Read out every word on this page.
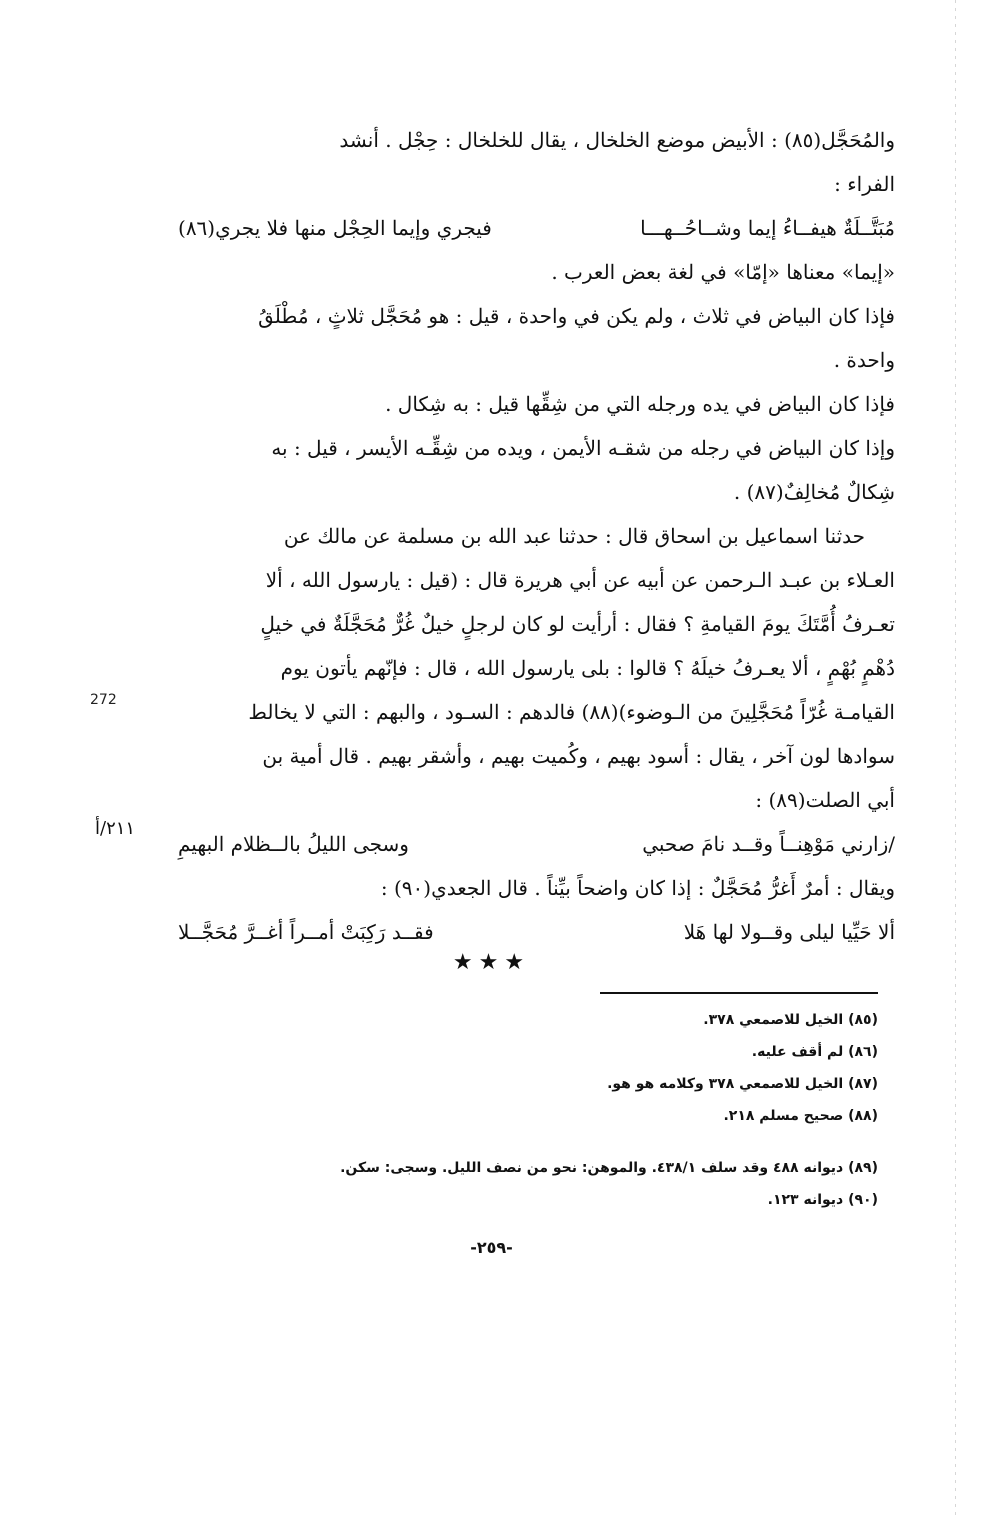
والمُحَجَّل(٨٥) : الأبيض موضع الخلخال ، يقال للخلخال : حِجْل . أنشد
الفراء :
مُبَتَّــلَةٌ هيفــاءُ إيما وشــاحُــهـــا
فيجري وإيما الحِجْل منها فلا يجري(٨٦)
«إيما» معناها «إمّا» في لغة بعض العرب .
فإذا كان البياض في ثلاث ، ولم يكن في واحدة ، قيل : هو مُحَجَّل ثلاثٍ ، مُطْلَقُ
واحدة .
فإذا كان البياض في يده ورجله التي من شِقِّها قيل : به شِكال .
وإذا كان البياض في رجله من شقـه الأيمن ، ويده من شِقِّـه الأيسر ، قيل : به
شِكالٌ مُخالِفٌ(٨٧) .
حدثنا اسماعيل بن اسحاق قال : حدثنا عبد الله بن مسلمة عن مالك عن
العـلاء بن عبـد الـرحمن عن أبيه عن أبي هريرة قال : (قيل : يارسول الله ، ألا
تعـرفُ أُمَّتَكَ يومَ القيامةِ ؟ فقال : أرأيت لو كان لرجلٍ خيلٌ غُرٌّ مُحَجَّلَةٌ في خيلٍ
دُهْمٍ بُهْمٍ ، ألا يعـرفُ خيلَهُ ؟ قالوا : بلى يارسول الله ، قال : فإنّهم يأتون يوم
القيامـة غُرّاً مُحَجَّلِينَ من الـوضوء)(٨٨) فالدهم : السـود ، والبهم : التي لا يخالط
سوادها لون آخر ، يقال : أسود بهيم ، وكُميت بهيم ، وأشقر بهيم . قال أمية بن
أبي الصلت(٨٩) :
/زارني مَوْهِنــاً وقــد نامَ صحبي
وسجى الليلُ بالــظلام البهيمِ
ويقال : أمرٌ أَغرُّ مُحَجَّلٌ : إذا كان واضحاً بيِّناً . قال الجعدي(٩٠) :
ألا حَيِّيا ليلى وقــولا لها هَلا
فقــد رَكِبَتْ أمــراً أغــرَّ مُحَجَّــلا
272
٢١١/أ
★★★
(٨٥) الخيل للاصمعي ٣٧٨.
(٨٦) لم أقف عليه.
(٨٧) الخيل للاصمعي ٣٧٨ وكلامه هو هو.
(٨٨) صحيح مسلم ٢١٨.
(٨٩) ديوانه ٤٨٨ وقد سلف ٤٣٨/١. والموهن: نحو من نصف الليل. وسجى: سكن.
(٩٠) ديوانه ١٢٣.
-٢٥٩-
